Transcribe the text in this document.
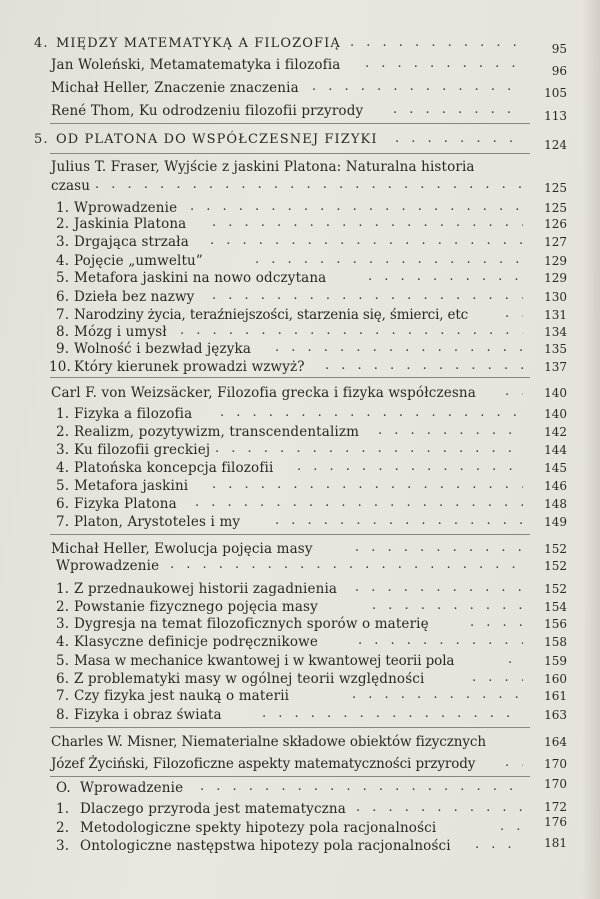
4. MIĘDZY MATEMATYKĄ A FILOZOFIĄ . . .	95
Jan Woleński, Metamatematyka i filozofia . . .	96
Michał Heller, Znaczenie znaczenia . . .	105
René Thom, Ku odrodzeniu filozofii przyrody . . .	113
5. OD PLATONA DO WSPÓŁCZESNEJ FIZYKI . . .	124
Julius T. Fraser, Wyjście z jaskini Platona: Naturalna historia
czasu . . .	125
1. Wprowadzenie . . .	125
2. Jaskinia Platona . . .	126
3. Drgająca strzała . . .	127
4. Pojęcie „umweltu” . . .	129
5. Metafora jaskini na nowo odczytana . . .	129
6. Dzieła bez nazwy . . .	130
7. Narodziny życia, teraźniejszości, starzenia się, śmierci, etc . . .	131
8. Mózg i umysł . . .	134
9. Wolność i bezwład języka . . .	135
10. Który kierunek prowadzi wzwyż? . . .	137
Carl F. von Weizsäcker, Filozofia grecka i fizyka współczesna . . .	140
1. Fizyka a filozofia . . .	140
2. Realizm, pozytywizm, transcendentalizm . . .	142
3. Ku filozofii greckiej . . .	144
4. Platońska koncepcja filozofii . . .	145
5. Metafora jaskini . . .	146
6. Fizyka Platona . . .	148
7. Platon, Arystoteles i my . . .	149
Michał Heller, Ewolucja pojęcia masy . . .	152
Wprowadzenie . . .	152
1. Z przednaukowej historii zagadnienia . . .	152
2. Powstanie fizycznego pojęcia masy . . .	154
3. Dygresja na temat filozoficznych sporów o materię . . .	156
4. Klasyczne definicje podręcznikowe . . .	158
5. Masa w mechanice kwantowej i w kwantowej teorii pola . . .	159
6. Z problematyki masy w ogólnej teorii względności . . .	160
7. Czy fizyka jest nauką o materii . . .	161
8. Fizyka i obraz świata . . .	163
Charles W. Misner, Niematerialne składowe obiektów fizycznych	164
Józef Życiński, Filozoficzne aspekty matematyczności przyrody . . .	170
O. Wprowadzenie . . .	170
1. Dlaczego przyroda jest matematyczna . . .	172
2. Metodologiczne spekty hipotezy pola racjonalności . . .	176
3. Ontologiczne następstwa hipotezy pola racjonalności . . .	181
